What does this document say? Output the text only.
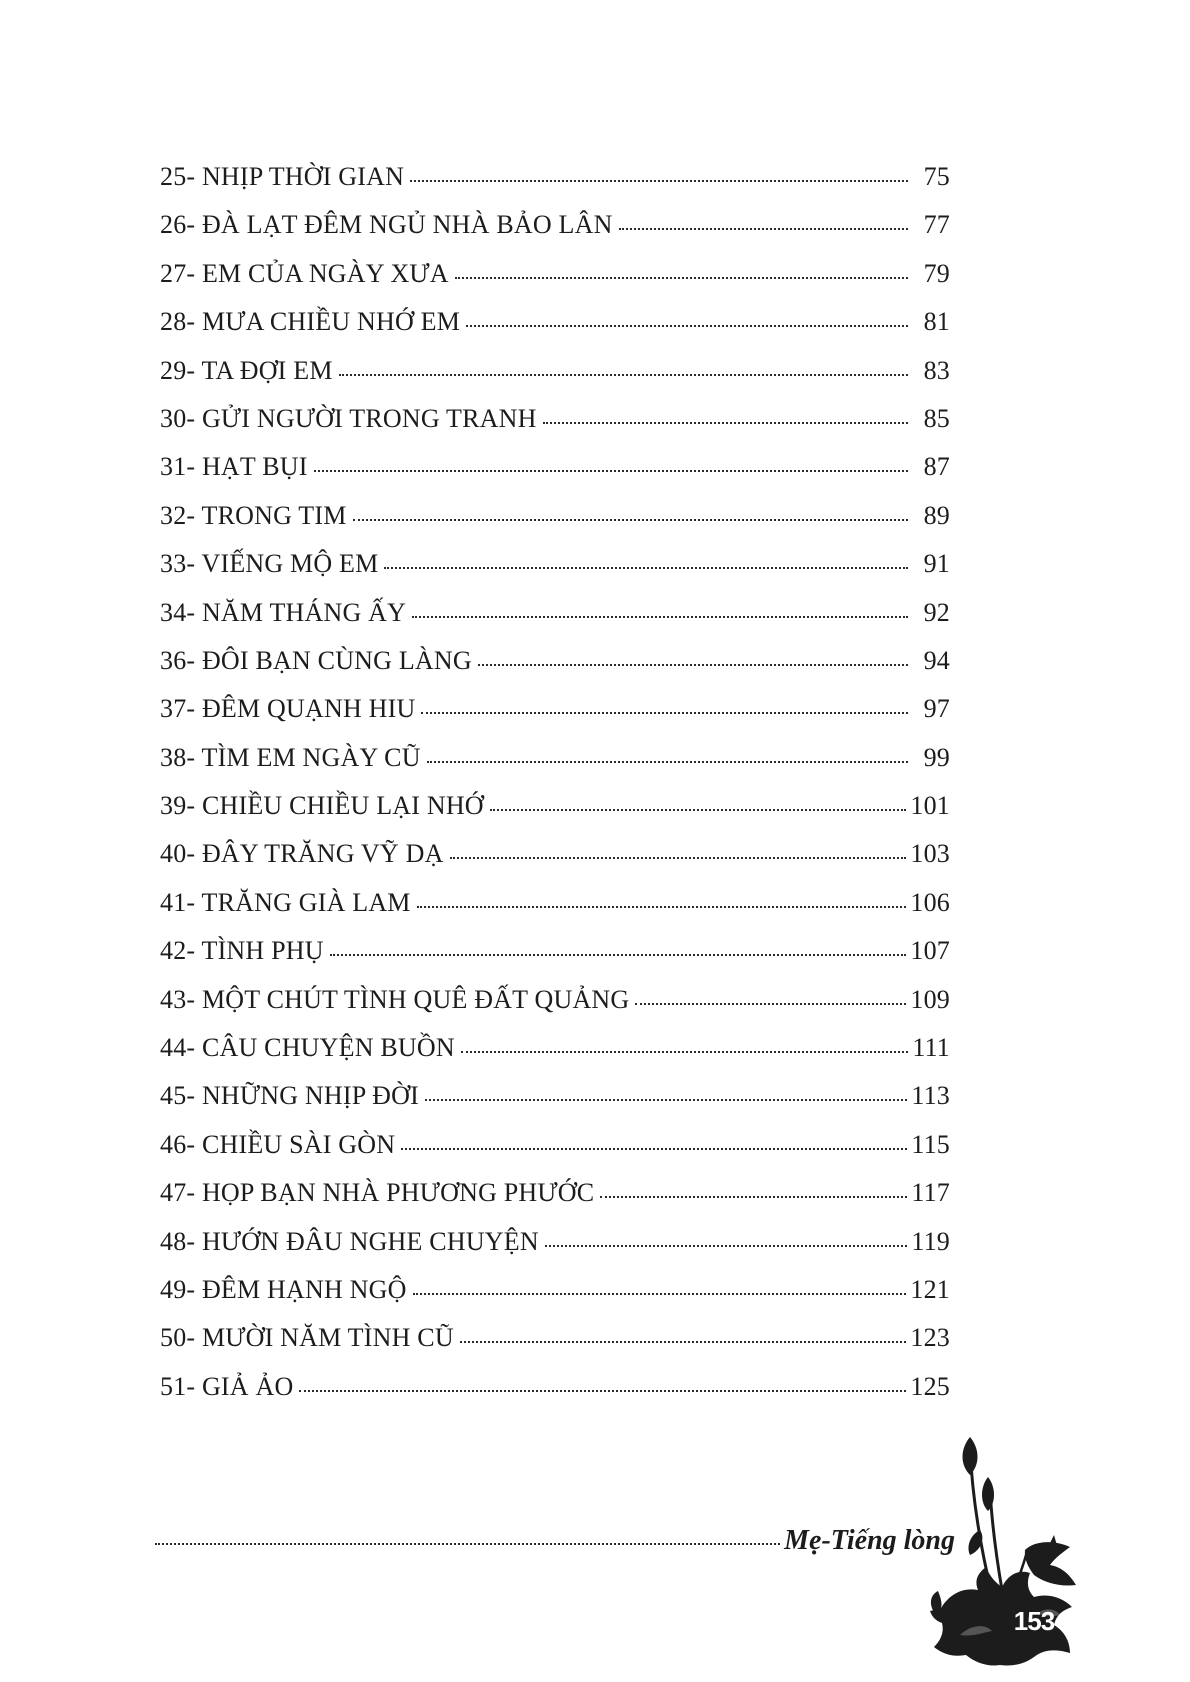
25- NHỊP THỜI GIAN	75
26- ĐÀ LẠT ĐÊM NGỦ NHÀ BẢO LÂN	77
27- EM CỦA NGÀY XƯA	79
28- MƯA CHIỀU NHỚ EM	81
29- TA ĐỢI EM	83
30- GỬI NGƯỜI TRONG TRANH	85
31- HẠT BỤI	87
32- TRONG TIM	89
33- VIẾNG MỘ EM	91
34- NĂM THÁNG ẤY	92
36- ĐÔI BẠN CÙNG LÀNG	94
37- ĐÊM QUẠNH HIU	97
38- TÌM EM NGÀY CŨ	99
39- CHIỀU CHIỀU LẠI NHỚ	101
40- ĐÂY TRĂNG VỸ DẠ	103
41- TRĂNG GIÀ LAM	106
42- TÌNH PHỤ	107
43- MỘT CHÚT TÌNH QUÊ ĐẤT QUẢNG	109
44- CÂU CHUYỆN BUỒN	111
45- NHỮNG NHỊP ĐỜI	113
46- CHIỀU SÀI GÒN	115
47- HỌP BẠN NHÀ PHƯƠNG PHƯỚC	117
48- HƯỚN ĐÂU NGHE CHUYỆN	119
49- ĐÊM HẠNH NGỘ	121
50- MƯỜI NĂM TÌNH CŨ	123
51- GIẢ ẢO	125
Mẹ-Tiếng lòng
153
